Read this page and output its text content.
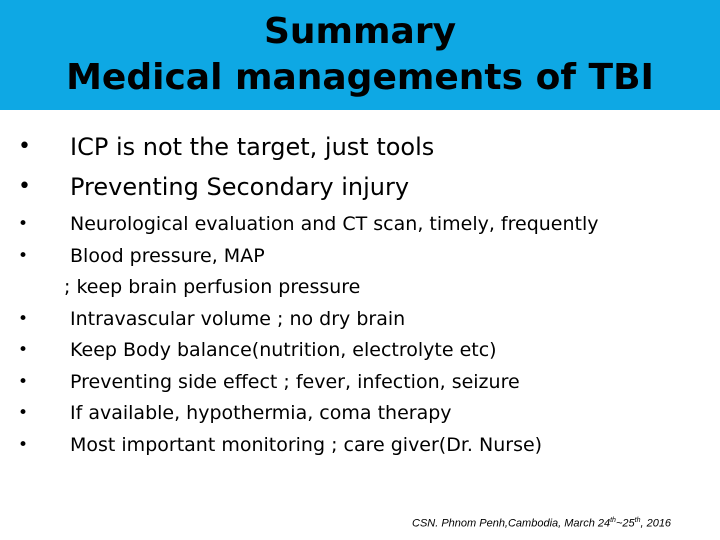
Summary
Medical managements of TBI
• ICP is not the target, just tools
• Preventing Secondary injury
• Neurological evaluation and CT scan, timely, frequently
• Blood pressure, MAP
; keep brain perfusion pressure
• Intravascular volume ; no dry brain
• Keep Body balance(nutrition, electrolyte etc)
• Preventing side effect ; fever, infection, seizure
• If available, hypothermia, coma therapy
• Most important monitoring ; care giver(Dr. Nurse)
CSN. Phnom Penh,Cambodia, March 24th~25th, 2016
